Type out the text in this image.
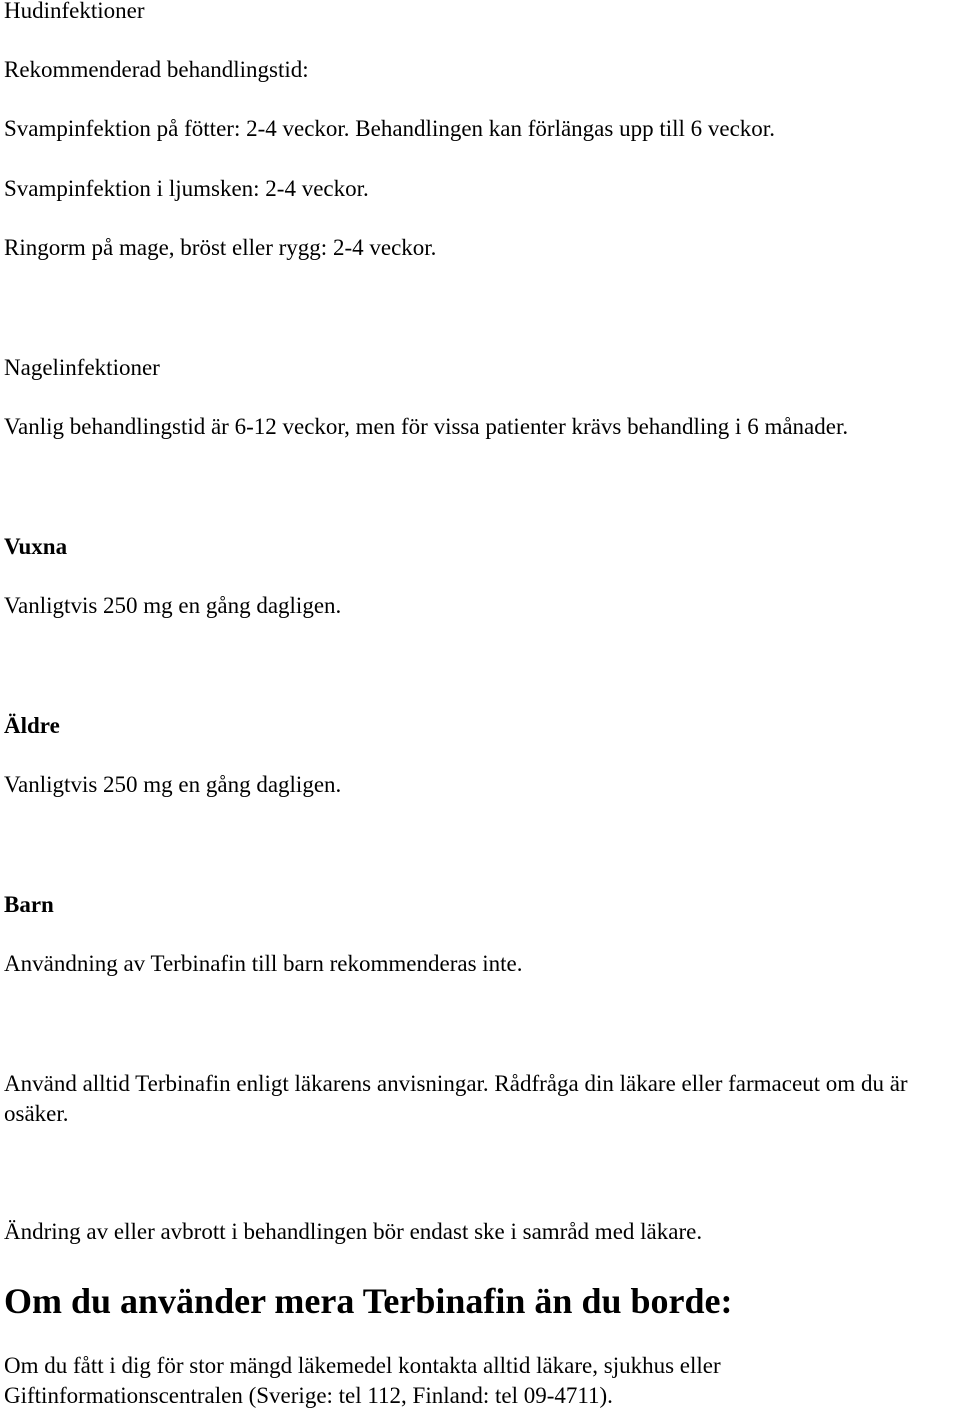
Hudinfektioner

Rekommenderad behandlingstid:

Svampinfektion på fötter: 2-4 veckor. Behandlingen kan förlängas upp till 6 veckor.

Svampinfektion i ljumsken: 2-4 veckor.

Ringorm på mage, bröst eller rygg: 2-4 veckor.

Nagelinfektioner

Vanlig behandlingstid är 6-12 veckor, men för vissa patienter krävs behandling i 6 månader.

Vuxna

Vanligtvis 250 mg en gång dagligen.

Äldre

Vanligtvis 250 mg en gång dagligen.

Barn

Användning av Terbinafin till barn rekommenderas inte.

Använd alltid Terbinafin enligt läkarens anvisningar. Rådfråga din läkare eller farmaceut om du är osäker.

Ändring av eller avbrott i behandlingen bör endast ske i samråd med läkare.

Om du använder mera Terbinafin än du borde:

Om du fått i dig för stor mängd läkemedel kontakta alltid läkare, sjukhus eller Giftinformationscentralen (Sverige: tel 112, Finland: tel 09-4711).
